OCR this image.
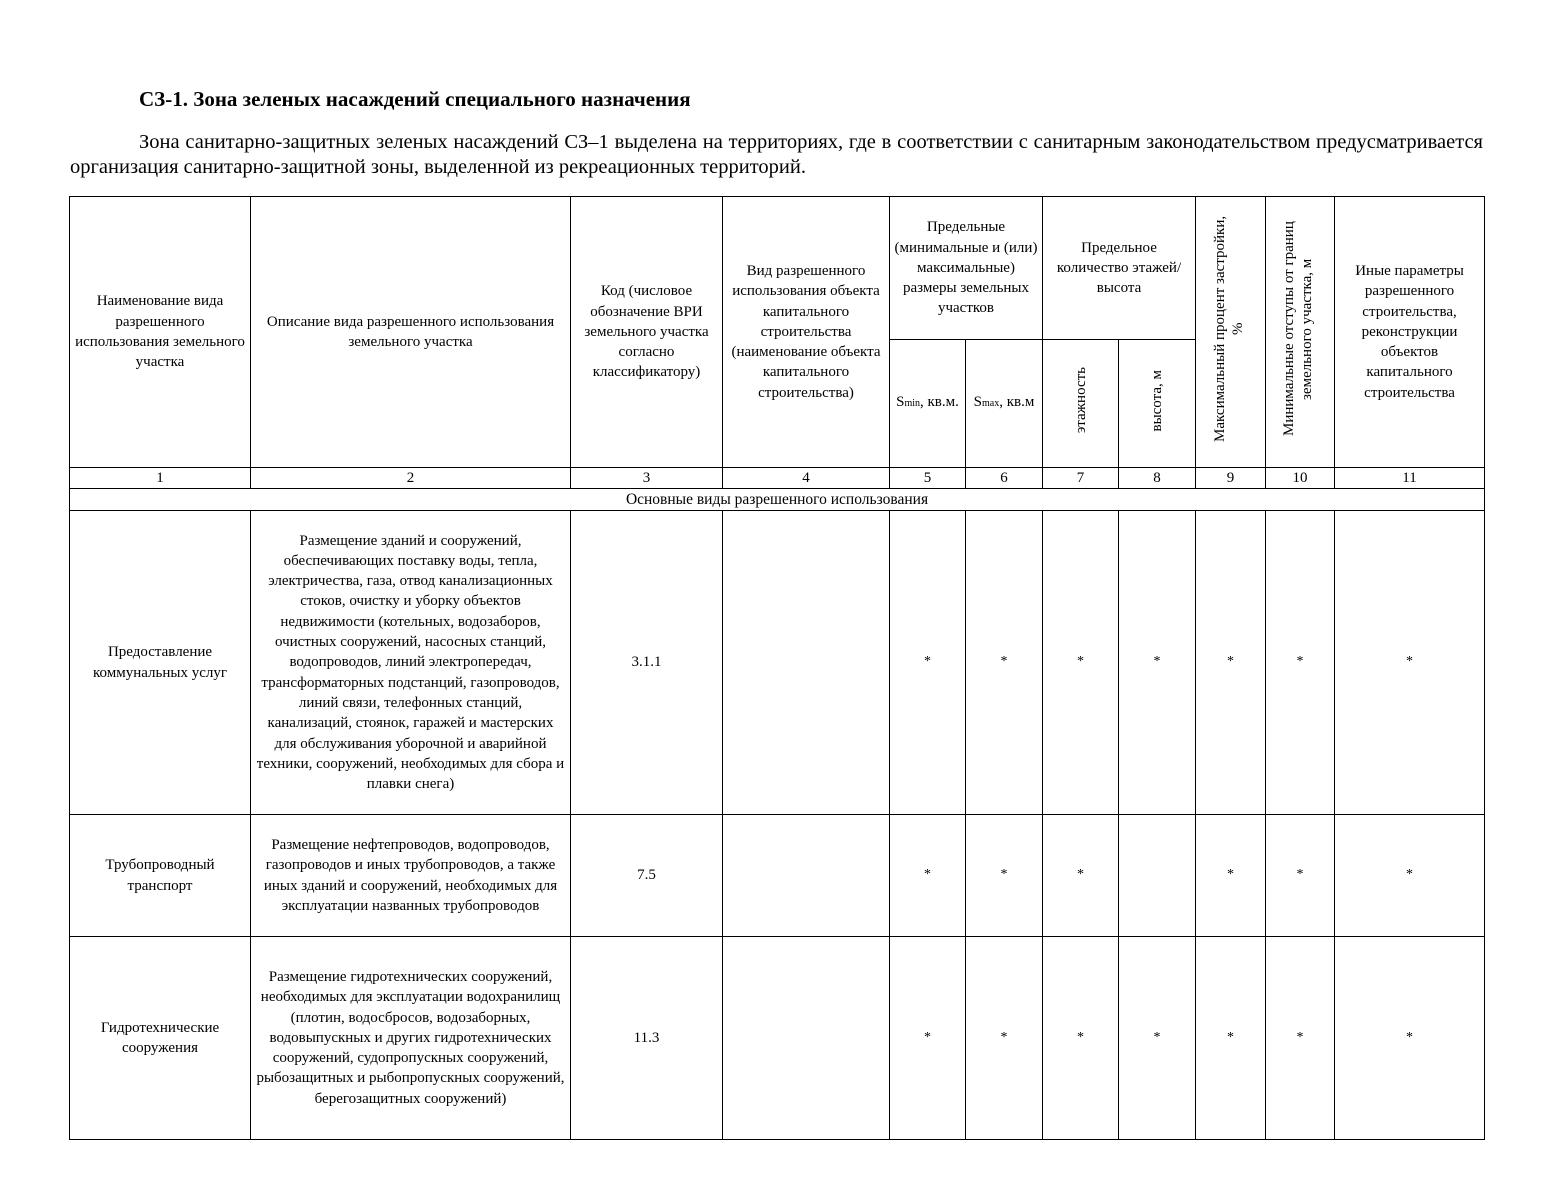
СЗ-1. Зона зеленых насаждений специального назначения

Зона санитарно-защитных зеленых насаждений СЗ–1 выделена на территориях, где в соответствии с санитарным законодательством предусматривается организация санитарно-защитной зоны, выделенной из рекреационных территорий.

Наименование вида разрешенного использования земельного участка	Описание вида разрешенного использования земельного участка	Код (числовое обозначение ВРИ земельного участка согласно классификатору)	Вид разрешенного использования объекта капитального строительства (наименование объекта капитального строительства)	Предельные (минимальные и (или) максимальные) размеры земельных участков		Предельное количество этажей/высота		Максимальный процент застройки, %	Минимальные отступы от границ земельного участка, м	Иные параметры разрешенного строительства, реконструкции объектов капитального строительства
				Smin, кв.м.	Smax, кв.м	этажность	высота, м			
1	2	3	4	5	6	7	8	9	10	11
Основные виды разрешенного использования										
Предоставление коммунальных услуг	Размещение зданий и сооружений, обеспечивающих поставку воды, тепла, электричества, газа, отвод канализационных стоков, очистку и уборку объектов недвижимости (котельных, водозаборов, очистных сооружений, насосных станций, водопроводов, линий электропередач, трансформаторных подстанций, газопроводов, линий связи, телефонных станций, канализаций, стоянок, гаражей и мастерских для обслуживания уборочной и аварийной техники, сооружений, необходимых для сбора и плавки снега)	3.1.1		*	*	*	*	*	*	*
Трубопроводный транспорт	Размещение нефтепроводов, водопроводов, газопроводов и иных трубопроводов, а также иных зданий и сооружений, необходимых для эксплуатации названных трубопроводов	7.5		*	*	*		*	*	*
Гидротехнические сооружения	Размещение гидротехнических сооружений, необходимых для эксплуатации водохранилищ (плотин, водосбросов, водозаборных, водовыпускных и других гидротехнических сооружений, судопропускных сооружений, рыбозащитных и рыбопропускных сооружений, берегозащитных сооружений)	11.3		*	*	*	*	*	*	*
